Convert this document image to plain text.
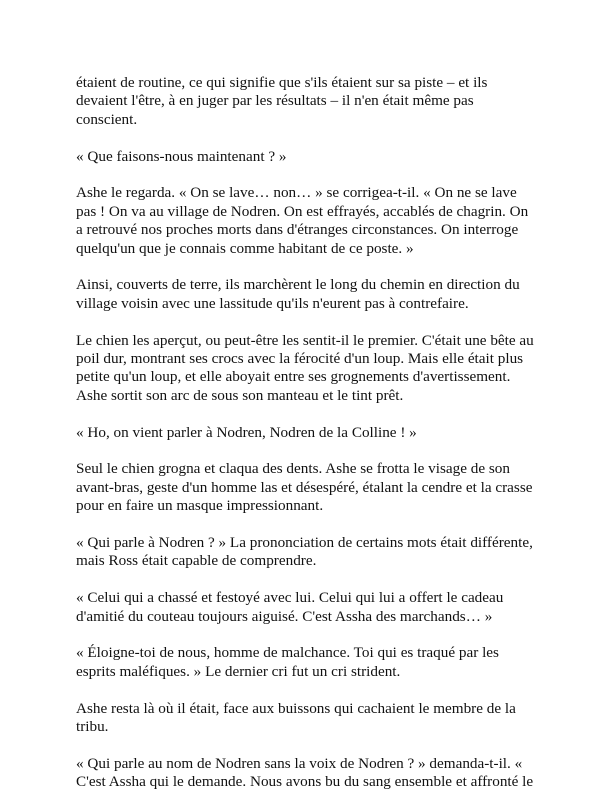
étaient de routine, ce qui signifie que s'ils étaient sur sa piste – et ils devaient l'être, à en juger par les résultats – il n'en était même pas conscient.

« Que faisons-nous maintenant ? »

Ashe le regarda. « On se lave… non… » se corrigea-t-il. « On ne se lave pas ! On va au village de Nodren. On est effrayés, accablés de chagrin. On a retrouvé nos proches morts dans d'étranges circonstances. On interroge quelqu'un que je connais comme habitant de ce poste. »

Ainsi, couverts de terre, ils marchèrent le long du chemin en direction du village voisin avec une lassitude qu'ils n'eurent pas à contrefaire.

Le chien les aperçut, ou peut-être les sentit-il le premier. C'était une bête au poil dur, montrant ses crocs avec la férocité d'un loup. Mais elle était plus petite qu'un loup, et elle aboyait entre ses grognements d'avertissement. Ashe sortit son arc de sous son manteau et le tint prêt.

« Ho, on vient parler à Nodren, Nodren de la Colline ! »

Seul le chien grogna et claqua des dents. Ashe se frotta le visage de son avant-bras, geste d'un homme las et désespéré, étalant la cendre et la crasse pour en faire un masque impressionnant.

« Qui parle à Nodren ? » La prononciation de certains mots était différente, mais Ross était capable de comprendre.

« Celui qui a chassé et festoyé avec lui. Celui qui lui a offert le cadeau d'amitié du couteau toujours aiguisé. C'est Assha des marchands… »

« Éloigne-toi de nous, homme de malchance. Toi qui es traqué par les esprits maléfiques. » Le dernier cri fut un cri strident.

Ashe resta là où il était, face aux buissons qui cachaient le membre de la tribu.

« Qui parle au nom de Nodren sans la voix de Nodren ? » demanda-t-il. « C'est Assha qui le demande. Nous avons bu du sang ensemble et affronté le
